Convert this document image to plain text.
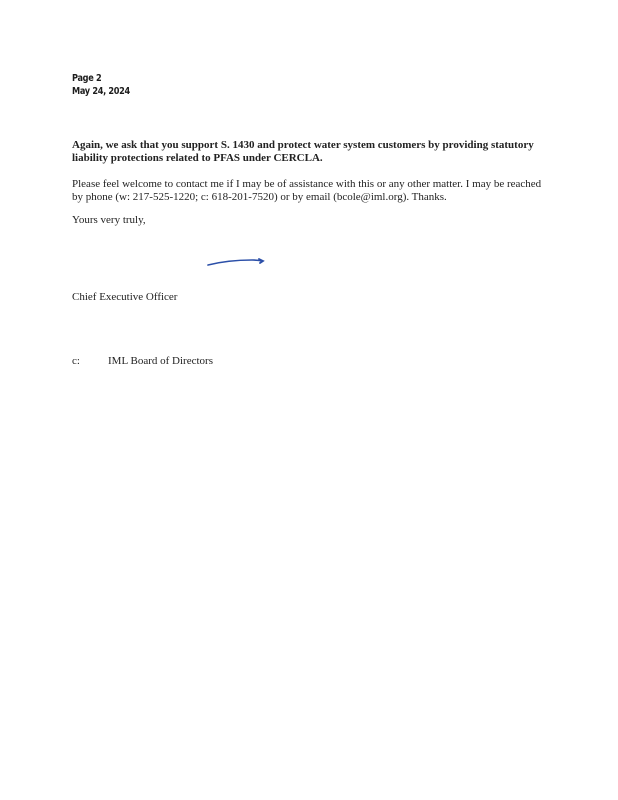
Page 2
May 24, 2024
Again, we ask that you support S. 1430 and protect water system customers by providing statutory liability protections related to PFAS under CERCLA.
Please feel welcome to contact me if I may be of assistance with this or any other matter. I may be reached by phone (w: 217-525-1220; c: 618-201-7520) or by email (bcole@iml.org). Thanks.
Yours very truly,
Chief Executive Officer
c:	IML Board of Directors
